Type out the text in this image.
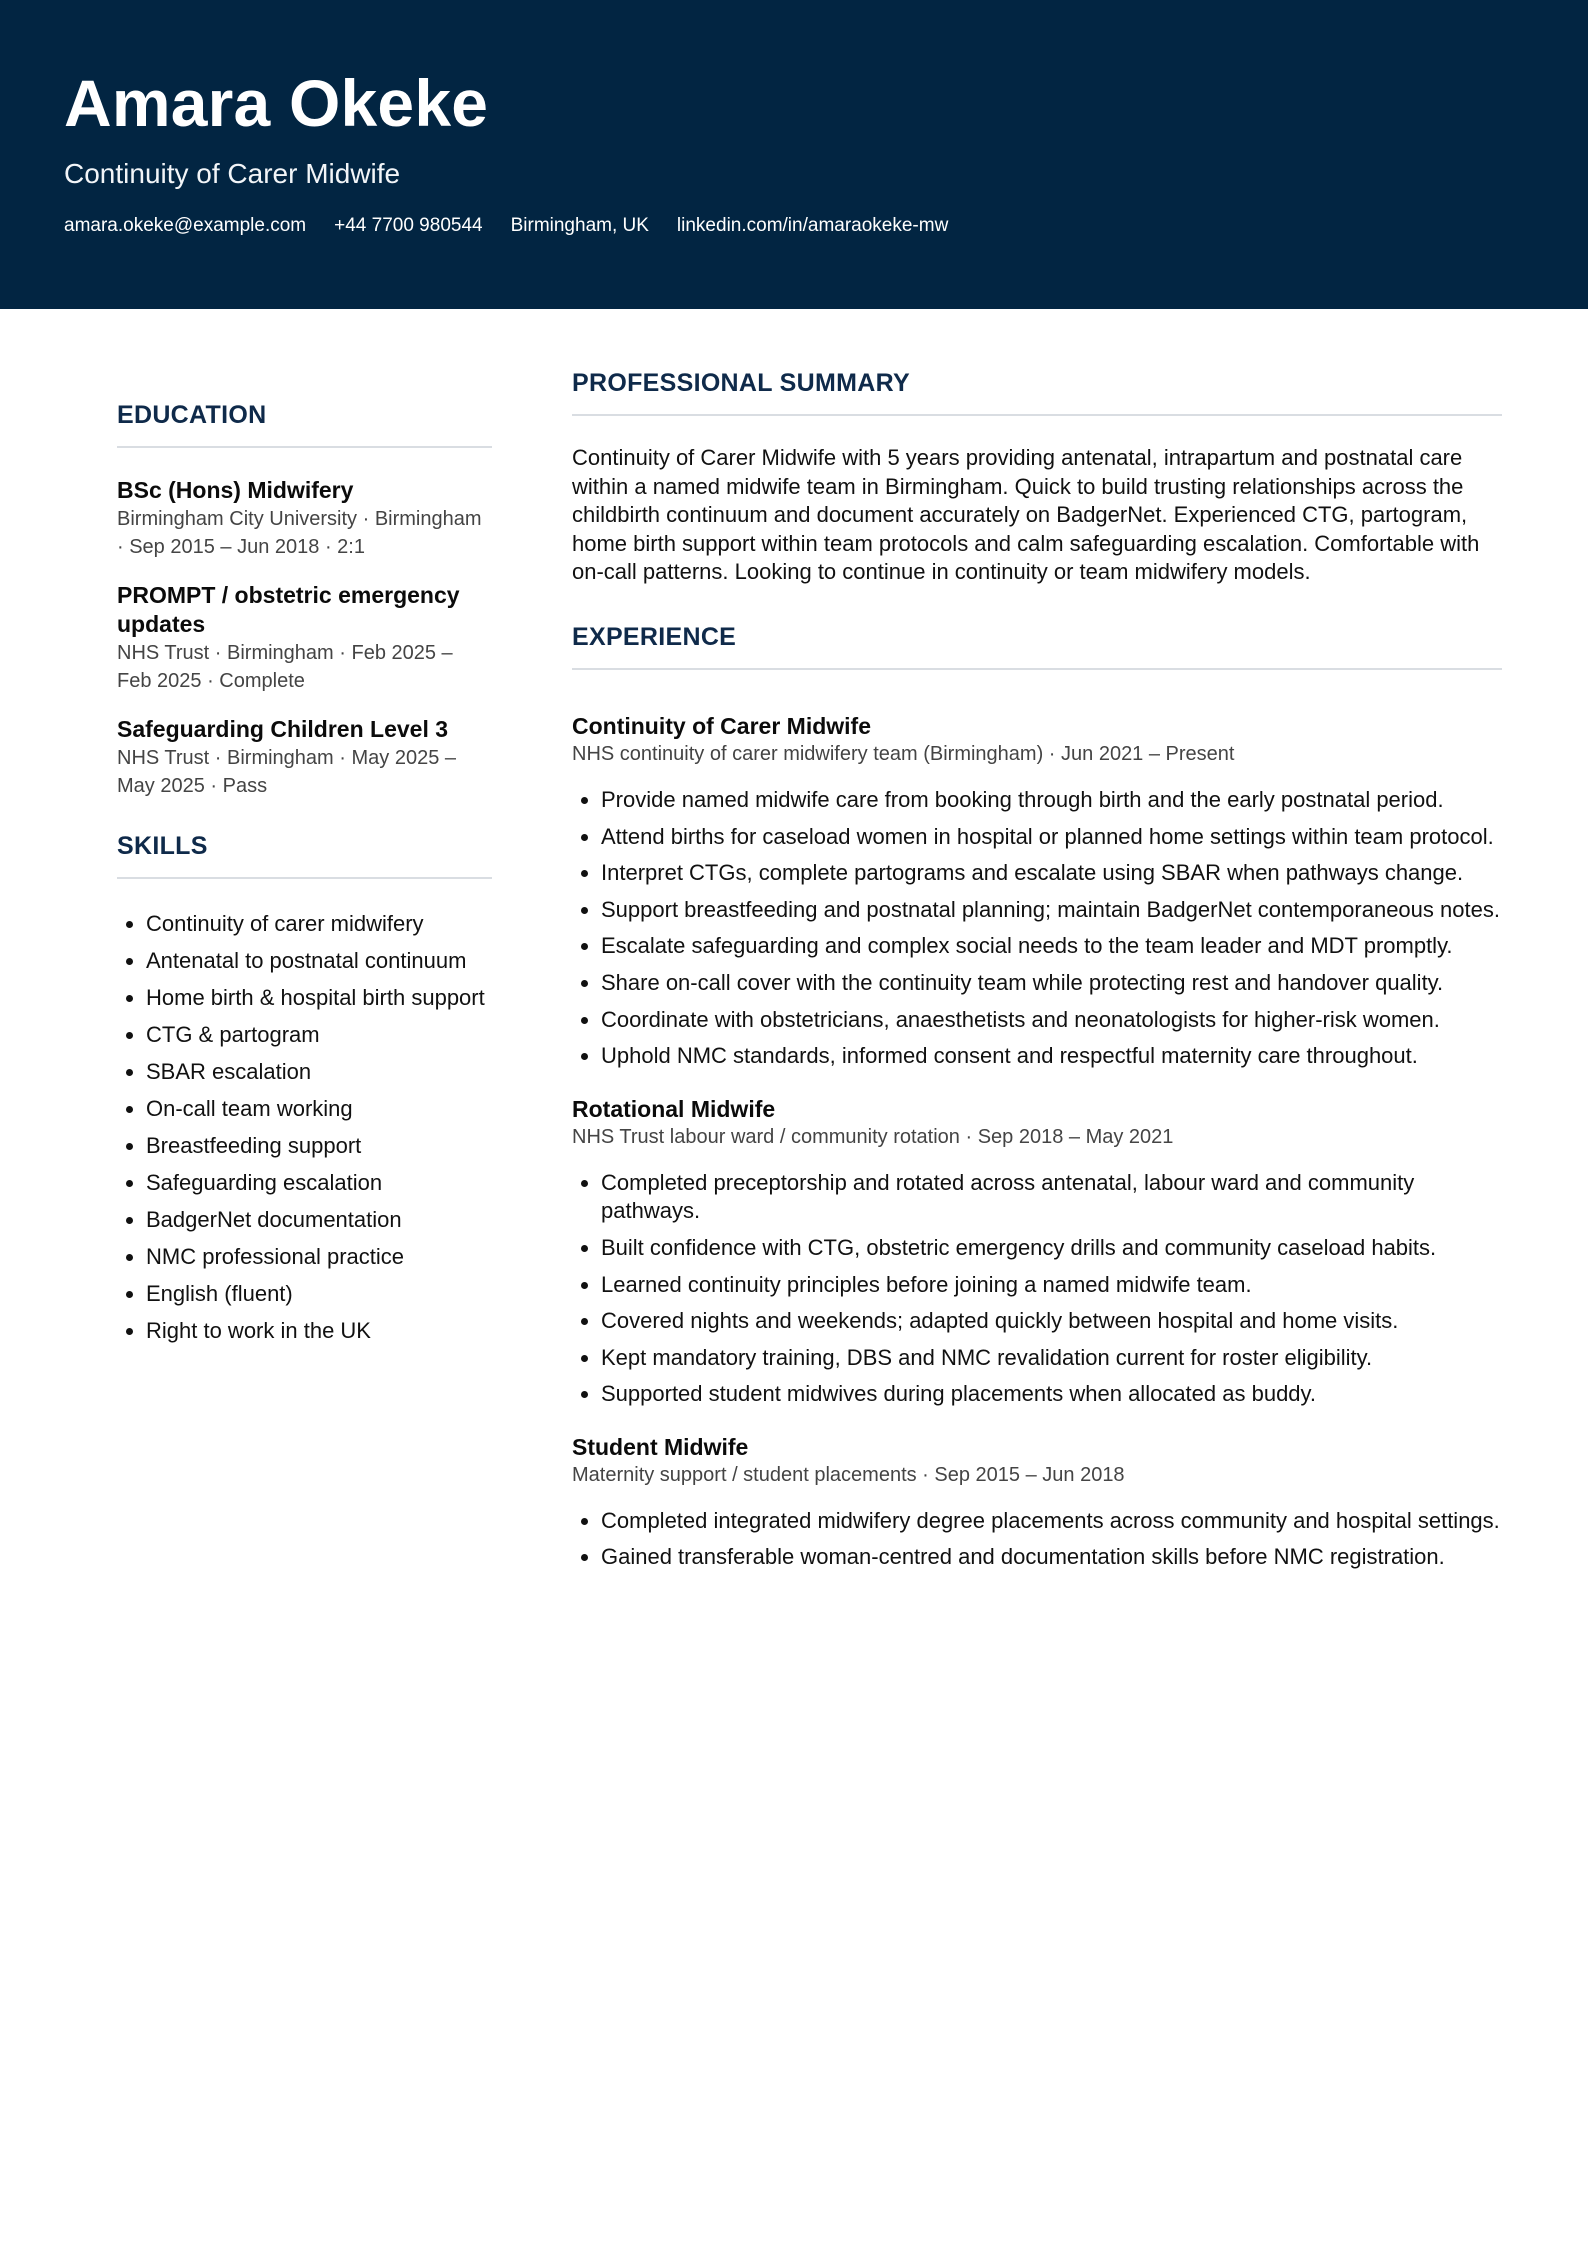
Amara Okeke
Continuity of Carer Midwife
amara.okeke@example.com +44 7700 980544 Birmingham, UK linkedin.com/in/amaraokeke-mw
EDUCATION
BSc (Hons) Midwifery
Birmingham City University · Birmingham · Sep 2015 – Jun 2018 · 2:1
PROMPT / obstetric emergency updates
NHS Trust · Birmingham · Feb 2025 – Feb 2025 · Complete
Safeguarding Children Level 3
NHS Trust · Birmingham · May 2025 – May 2025 · Pass
SKILLS
• Continuity of carer midwifery
• Antenatal to postnatal continuum
• Home birth & hospital birth support
• CTG & partogram
• SBAR escalation
• On-call team working
• Breastfeeding support
• Safeguarding escalation
• BadgerNet documentation
• NMC professional practice
• English (fluent)
• Right to work in the UK
PROFESSIONAL SUMMARY
Continuity of Carer Midwife with 5 years providing antenatal, intrapartum and postnatal care within a named midwife team in Birmingham. Quick to build trusting relationships across the childbirth continuum and document accurately on BadgerNet. Experienced CTG, partogram, home birth support within team protocols and calm safeguarding escalation. Comfortable with on-call patterns. Looking to continue in continuity or team midwifery models.
EXPERIENCE
Continuity of Carer Midwife
NHS continuity of carer midwifery team (Birmingham) · Jun 2021 – Present
• Provide named midwife care from booking through birth and the early postnatal period.
• Attend births for caseload women in hospital or planned home settings within team protocol.
• Interpret CTGs, complete partograms and escalate using SBAR when pathways change.
• Support breastfeeding and postnatal planning; maintain BadgerNet contemporaneous notes.
• Escalate safeguarding and complex social needs to the team leader and MDT promptly.
• Share on-call cover with the continuity team while protecting rest and handover quality.
• Coordinate with obstetricians, anaesthetists and neonatologists for higher-risk women.
• Uphold NMC standards, informed consent and respectful maternity care throughout.
Rotational Midwife
NHS Trust labour ward / community rotation · Sep 2018 – May 2021
• Completed preceptorship and rotated across antenatal, labour ward and community pathways.
• Built confidence with CTG, obstetric emergency drills and community caseload habits.
• Learned continuity principles before joining a named midwife team.
• Covered nights and weekends; adapted quickly between hospital and home visits.
• Kept mandatory training, DBS and NMC revalidation current for roster eligibility.
• Supported student midwives during placements when allocated as buddy.
Student Midwife
Maternity support / student placements · Sep 2015 – Jun 2018
• Completed integrated midwifery degree placements across community and hospital settings.
• Gained transferable woman-centred and documentation skills before NMC registration.
